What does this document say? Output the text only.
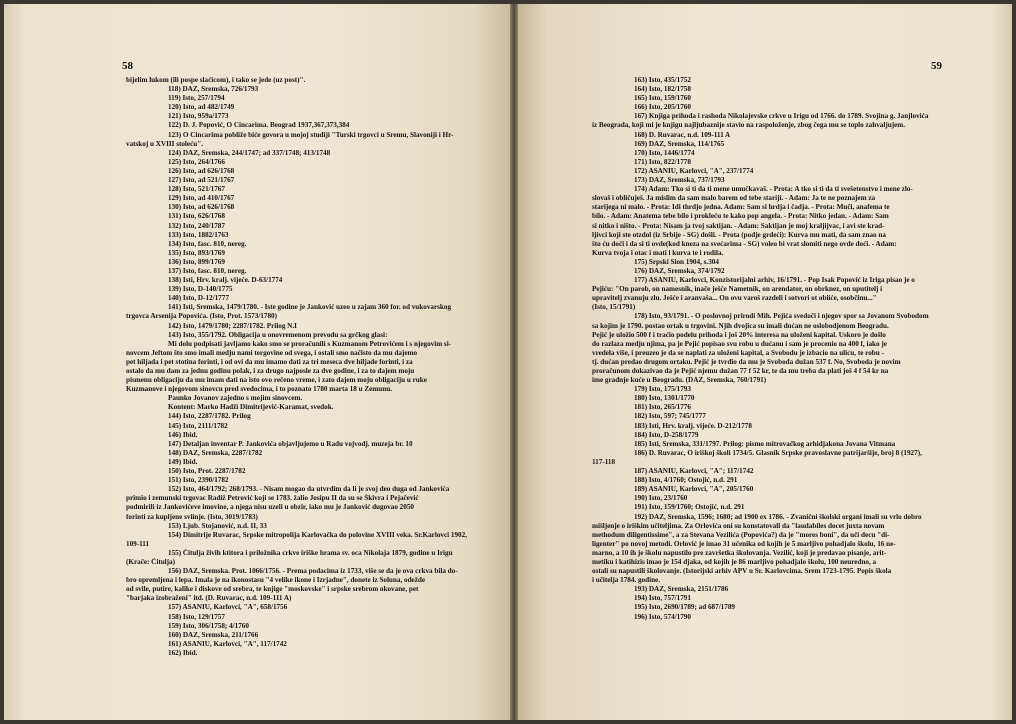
58
bijelim lukom (ili pospe slaćicom), i tako se jede (uz post)".
118) DAZ, Sremska, 726/1793
119) Isto, 257/1794
120) Isto, ad 482/1749
121) Isto, 959a/1773
122) D. J. Popović, O Cincarima. Beograd 1937,367,373,384
123) O Cincarima pobliže biće govora u mojoj studiji "Turski trgovci u Sremu, Slavoniji i Hr-
vatskoj u XVIII stoleću".
124) DAZ, Sremska, 244/1747; ad 337/1748; 413/1748
125) Isto, 264/1766
126) Isto, ad 626/1768
127) Isto, ad 521/1767
128) Isto, 521/1767
129) Isto, ad 410/1767
130) Isto, ad 626/1768
131) Isto, 626/1768
132) Isto, 240/1787
133) Isto, 1882/1763
134) Isto, fasc. 810, nereg.
135) Isto, 893/1769
136) Isto, 899/1769
137) Isto, fasc. 810, nereg.
138) Isti, Hrv. kralj. vijeće. D-63/1774
139) Isto, D-140/1775
140) Isto, D-12/1777
141) Isti, Sremska, 1479/1780. - Iste godine je Janković uzeo u zajam 360 for. od vukovarskog
trgovca Arsenija Popovića. (Isto, Prot. 1573/1780)
142) Isto, 1479/1780; 2287/1782. Prilog N.I
143) Isto, 355/1792. Obligacija u onovremenom prevodu sa grčkog glasi:
Mi dolu podpisati javljamo kako smo se proračunili s Kuzmanom Petrovićem i s njegovim si-
novcem Jeftom što smo imali medju nami tergovine od svega, i ostali smo načisto da mu dajemo
pet hiljada i pet stotina forinti, i od ovi da mu imamo dati za tri meseca dve hiljade forinti, i za
ostalo da mu dam za jednu godinu polak, i za drugo najposle za dve godine, i za to dajem moju
pismenu obligaciju da mu imam dati na isto ovo rečeno vreme, i zato dajem moju obligaciju u ruke
Kuzmanove i njegovom sinovcu pred svedocima, i to poznato 1780 marta 18 u Zemunu.
Paunko Jovanov zajedno s mojim sinovcem.
Kontent: Marko Hadži Dimitrijević-Karamat, svedok.
144) Isto, 2287/1782. Prilog
145) Isto, 2111/1782
146) Ibid.
147) Detaljan inventar P. Jankovića objavljujemo u Radu vojvodj. muzeja br. 10
148) DAZ, Sremska, 2287/1782
149) Ibid.
150) Isto, Prot. 2287/1782
151) Isto, 2390/1782
152) Isto, 464/1792; 268/1793. - Nisam mogao da utvrdim da li je svoj deo duga od Jankovića
primio i zemunski trgovac Radiž Petrović koji se 1783. žalio Josipu II da su se Škivra i Pejačević
podmirili iz Jankovićeve imovine, a njega nisu uzeli u obzir, iako mu je Janković dugovao 2050
forinti za kupljene sviinje. (Isto, 3019/1783)
153) Ljub. Stojanović, n.d. II, 33
154) Dimitrije Ruvarac, Srpske mitropolija Karlovačka do polovine XVIII veka. Sr.Karlovci 1902,
109-111
155) Čitulja živih ktitora i priložnika crkve iriške hrama sv. oca Nikolaja 1879, godine u Irigu
(Krače: Čitulja)
156) DAZ, Sremska. Prot. 1066/1756. - Prema podacima iz 1733, više se da je ova crkva bila do-
bro opremljena i lepa. Imala je na ikonostasu "4 velike ikone i Izrjadne", donete iz Soluna, odežde
od svile, putire, kalike i diskove od srebra, te knjige "moskovske" i srpske srebrom okovane, pet
"barjaka izobraženi" itd. (D. Ruvarac, n.d. 109-111 A)
157) ASANIU, Karlovci, "A", 658/1756
158) Isto, 129/1757
159) Isto, 306/1758; 4/1760
160) DAZ, Sremska, 211/1766
161) ASANIU, Karlovci, "A", 117/1742
162) Ibid.
59
163) Isto, 435/1752
164) Isto, 182/1758
165) Isto, 159/1760
166) Isto, 205/1760
167) Knjiga prihoda i rashoda Nikolajevske crkve u Irigu od 1766. do 1789. Svojina g. Janjlovića
iz Beograda, koji mi je knjigu najljubaznije stavio na raspoloženje, zbog čega mu se toplo zahvaljujem.
168) D. Ruvarac, n.d. 109-111 A
169) DAZ, Sremska, 114/1765
170) Isto, 1446/1774
171) Isto, 822/1778
172) ASANIU, Karlovci, "A", 237/1774
173) DAZ, Sremska, 737/1793
174) Adam: Tko si ti da ti mene umučkavaš. - Prota: A tko si ti da ti svešetenstvo i mene zlo-
slovaš i obličuješ. Ja mislim da sam malo barem od tebe stariji. - Adam: Ja te ne poznajem za
starijega ni malo. - Prota: Idi thrdjo jedna. Adam: Sam si hrdja i čadja. - Prota: Muči, anafema te
bilo. - Adam: Anatema tebe bilo i prokleću te kako pop angela. - Prota: Nitko jedan. - Adam: Sam
si nitko i ništo. - Prota: Nisam ja tvoj saktijan. - Adam: Saktijan je moj kraljijvac, i avi ste krad-
ljivci koji ste otzdol (iz Srbije - SG) došli. - Prota (podje grdeći): Kurva mu mati, da sam znao na
što ću doći i da si ti ovde(kod kneza na svećarima - SG) voleo bi vrat slomiti nego ovde doći. - Adam:
Kurva tvoja i otac i mati i kurva te i rodila.
175) Srpski Sion 1904, s.304
176) DAZ, Sremska, 374/1792
177) ASANIU, Karlovci, Konzistorijalni arhiv, 16/1791. - Pop Isak Popović iz Iriga pisao je o
Pejiću: "On parob, on namesnik, inače ješće Nametnik, on arendator, on obrknez, on uputitelj i
upravitelj zvanuju zlu. Ješće i aranvaša... On ovu varoš razdeli i sotvori ot obiiće, osobčinu..."
(Isto, 15/1791)
178) Isto, 93/1791. - O poslovnoj prirodi Mih. Pejića svedoči i njegov spor sa Jovanom Svobodom
sa kojim je 1790. postao ortak u trgovini. Njih dvojica su imali dućan ne oslobodjenom Beogradu.
Pejić je uložio 500 f i traćio podelu prihoda i još 20% interesa na uloženi kapital. Uskoro je došlo
do razlaza medju njima, pa je Pejić popisao svu robu u dućanu i sam je procenio na 400 f, iako je
vredela više, i preuzeo je da se naplati za uloženi kapital, a Svobodu je izbacio na ulicu, te robu -
tj. dućan predao drugom ortaku. Pejić je tvrdio da mu je Svoboda dužan 537 f. No, Svoboda je novim
proračunom dokazivao da je Pejić njemu dužan 77 f 52 kr, te da mu treba da plati još 4 f 54 kr na
ime gradnje kuće u Beogradu. (DAZ, Sremska, 760/1791)
179) Isto, 175/1793
180) Isto, 1301/1770
181) Isto, 265/1776
182) Isto, 597; 745/1777
183) Isti, Hrv. kralj. vijeće. D-212/1778
184) Isto, D-258/1779
185) Isti, Sremska, 331/1797. Prilog: pismo mitrovačkog arhidjakona Jovana Vitmana
186) D. Ruvarac, O iriškoj školi 1734/5. Glasnik Srpske pravoslavne patrijaršije, broj 8 (1927),
117-118
187) ASANIU, Karlovci, "A"; 117/1742
188) Isto, 4/1760; Ostojić, n.d. 291
189) ASANIU, Karlovci, "A", 205/1760
190) Isto, 23/1760
191) Isto, 159/1760; Ostojić, n.d. 291
192) DAZ, Sremska, 1596; 1680; ad 1900 ex 1786. - Zvanični školski organi imali su vrlo dobro
mišljenje o iriškim učiteljima. Za Orlovića oni su konstatovali da "laudabiles docet juxta novam
methodum diligentissime", a za Stevana Vezilića (Popovića?) da je "mores boni", da uči decu "di-
ligenter" po novoj metodi. Orlović je imao 31 učenika od kojih je 5 marljivo pohadjalo školu, 16 ne-
marno, a 10 ih je školu napustilo pre završetka školovanja. Vezilić, koji je predavao pisanje, arit-
metiku i katihizis imao je 154 djaka, od kojih je 86 marljivo pohadjalo školu, 100 neuredno, a
ostali su napustili školovanje. (Istorijski arhiv APV u Sr. Karlovcima. Srem 1723-1795. Popis škola
i učitelja 1784. godine.
193) DAZ, Sremska, 2151/1786
194) Isto, 757/1791
195) Isto, 2690/1789; ad 687/1789
196) Isto, 574/1790
